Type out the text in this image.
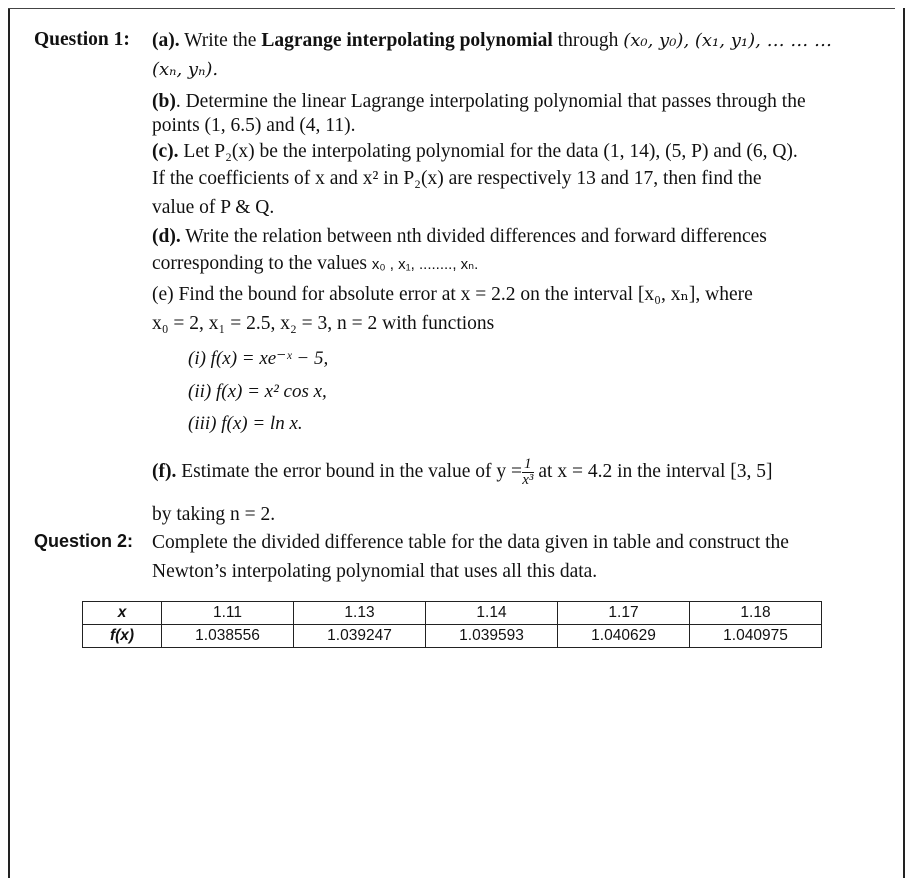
Question 1: (a). Write the Lagrange interpolating polynomial through (x₀, y₀), (x₁, y₁), … … …
(xₙ, yₙ).
(b). Determine the linear Lagrange interpolating polynomial that passes through the
points (1, 6.5) and (4, 11).
(c). Let P₂(x) be the interpolating polynomial for the data (1, 14), (5, P) and (6, Q).
If the coefficients of x and x² in P₂(x) are respectively 13 and 17, then find the
value of P & Q.
(d). Write the relation between nth divided differences and forward differences
corresponding to the values x₀ , x₁, ........, xₙ.
(e) Find the bound for absolute error at x = 2.2 on the interval [x₀, xₙ], where
x₀ = 2, x₁ = 2.5, x₂ = 3, n = 2 with functions
(i) f(x) = xe⁻ˣ − 5,
(ii) f(x) = x² cos x,
(iii) f(x) = ln x.
(f). Estimate the error bound in the value of $y = \frac{1}{\text{x³}}$ at x = 4.2 in the interval [3, 5]
by taking n = 2.
Question 2: Complete the divided difference table for the data given in table and construct the
Newton’s interpolating polynomial that uses all this data.
x	1.11	1.13	1.14	1.17	1.18
f(x)	1.038556	1.039247	1.039593	1.040629	1.040975
